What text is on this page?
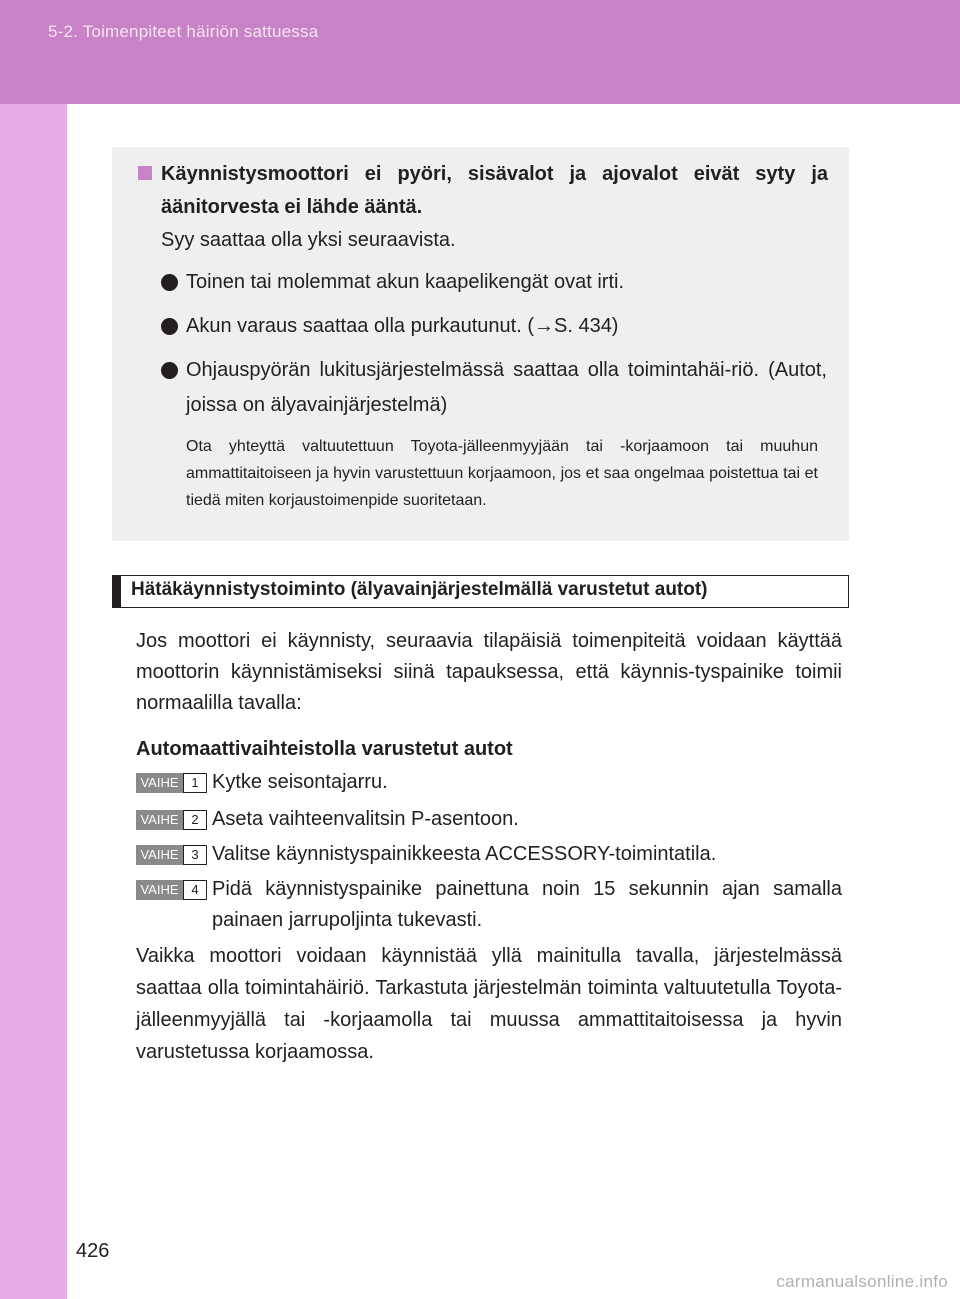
5-2. Toimenpiteet häiriön sattuessa
Käynnistysmoottori ei pyöri, sisävalot ja ajovalot eivät syty ja äänitorvesta ei lähde ääntä.
Syy saattaa olla yksi seuraavista.
Toinen tai molemmat akun kaapelikengät ovat irti.
Akun varaus saattaa olla purkautunut. (→S. 434)
Ohjauspyörän lukitusjärjestelmässä saattaa olla toimintahäi-riö. (Autot, joissa on älyavainjärjestelmä)
Ota yhteyttä valtuutettuun Toyota-jälleenmyyjään tai -korjaamoon tai muuhun ammattitaitoiseen ja hyvin varustettuun korjaamoon, jos et saa ongelmaa poistettua tai et tiedä miten korjaustoimenpide suoritetaan.
Hätäkäynnistystoiminto (älyavainjärjestelmällä varustetut autot)
Jos moottori ei käynnisty, seuraavia tilapäisiä toimenpiteitä voidaan käyttää moottorin käynnistämiseksi siinä tapauksessa, että käynnis-tyspainike toimii normaalilla tavalla:
Automaattivaihteistolla varustetut autot
VAIHE 1 Kytke seisontajarru.
VAIHE 2 Aseta vaihteenvalitsin P-asentoon.
VAIHE 3 Valitse käynnistyspainikkeesta ACCESSORY-toimintatila.
VAIHE 4 Pidä käynnistyspainike painettuna noin 15 sekunnin ajan samalla painaen jarrupoljinta tukevasti.
Vaikka moottori voidaan käynnistää yllä mainitulla tavalla, järjestelmässä saattaa olla toimintahäiriö. Tarkastuta järjestelmän toiminta valtuutetulla Toyota-jälleenmyyjällä tai -korjaamolla tai muussa ammattitaitoisessa ja hyvin varustetussa korjaamossa.
426
carmanualsonline.info
